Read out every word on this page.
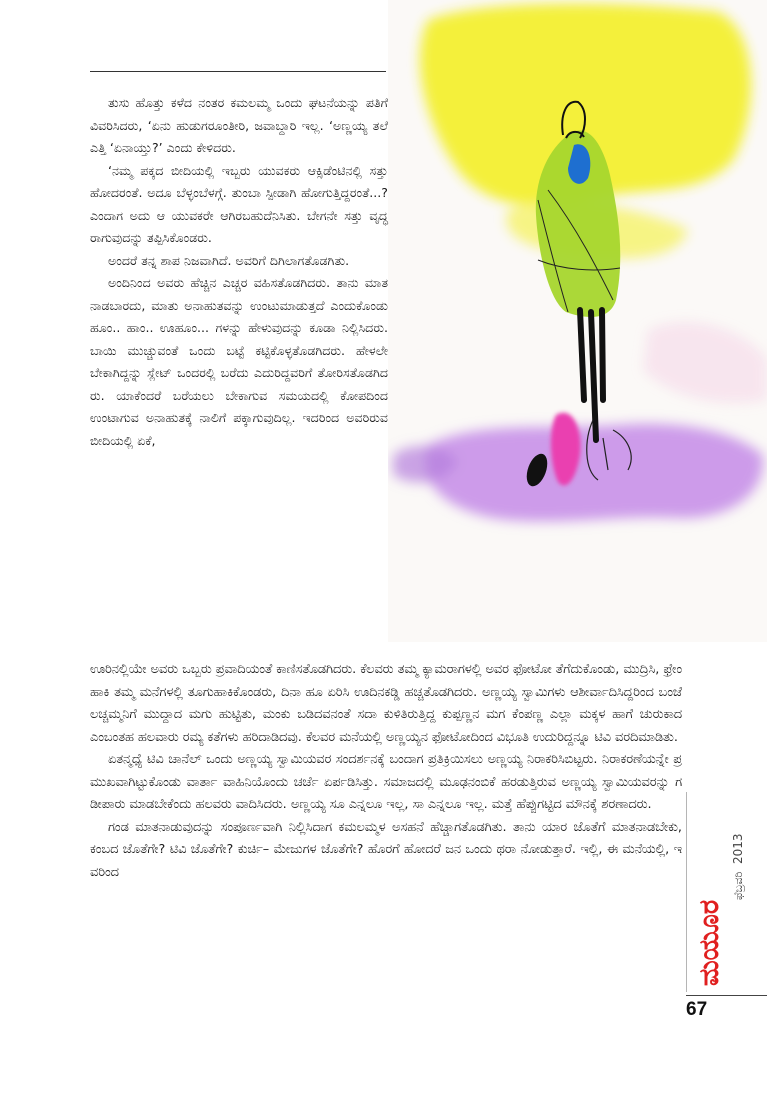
ತುಸು ಹೊತ್ತು ಕಳೆದ ನಂತರ ಕಮಲಮ್ಮ ಒಂದು ಘಟನೆಯನ್ನು ಪತಿಗೆ ವಿವರಿಸಿದರು, ‘ಏನು ಹುಡುಗರೂಂತೀರಿ, ಜವಾಬ್ದಾರಿ ಇಲ್ಲ. ‘ಅಣ್ಣಯ್ಯ ತಲೆ ಎತ್ತಿ ‘ಏನಾಯ್ತು?’ ಎಂದು ಕೇಳಿದರು.

‘ನಮ್ಮ ಪಕ್ಕದ ಬೀದಿಯಲ್ಲಿ ಇಬ್ಬರು ಯುವಕರು ಆಕ್ಸಿಡೆಂಟಿನಲ್ಲಿ ಸತ್ತು ಹೋದರಂತೆ. ಅದೂ ಬೆಳ್ಳಂಬೆಳಗ್ಗೆ. ತುಂಬಾ ಸ್ಪೀಡಾಗಿ ಹೋಗುತ್ತಿದ್ದರಂತೆ...? ಎಂದಾಗ ಅದು ಆ ಯುವಕರೇ ಆಗಿರಬಹುದೆನಿಸಿತು. ಬೇಗನೇ ಸತ್ತು ವೃದ್ಧರಾಗುವುದನ್ನು ತಪ್ಪಿಸಿಕೊಂಡರು.

ಅಂದರೆ ತನ್ನ ಶಾಪ ನಿಜವಾಗಿದೆ. ಅವರಿಗೆ ದಿಗಿಲಾಗತೊಡಗಿತು.

ಅಂದಿನಿಂದ ಅವರು ಹೆಚ್ಚಿನ ಎಚ್ಚರ ವಹಿಸತೊಡಗಿದರು. ತಾನು ಮಾತನಾಡಬಾರದು, ಮಾತು ಅನಾಹುತವನ್ನು ಉಂಟುಮಾಡುತ್ತದೆ ಎಂದುಕೊಂಡು ಹೂಂ.. ಹಾಂ.. ಊಹೂಂ... ಗಳನ್ನು ಹೇಳುವುದನ್ನು ಕೂಡಾ ನಿಲ್ಲಿಸಿದರು. ಬಾಯಿ ಮುಚ್ಚುವಂತೆ ಒಂದು ಬಟ್ಟೆ ಕಟ್ಟಿಕೊಳ್ಳತೊಡಗಿದರು. ಹೇಳಲೇ ಬೇಕಾಗಿದ್ದನ್ನು ಸ್ಲೇಟ್ ಒಂದರಲ್ಲಿ ಬರೆದು ಎದುರಿದ್ದವರಿಗೆ ತೋರಿಸತೊಡಗಿದರು. ಯಾಕೆಂದರೆ ಬರೆಯಲು ಬೇಕಾಗುವ ಸಮಯದಲ್ಲಿ ಕೋಪದಿಂದ ಉಂಟಾಗುವ ಅನಾಹುತಕ್ಕೆ ನಾಲಿಗೆ ಪಕ್ಕಾಗುವುದಿಲ್ಲ. ಇದರಿಂದ ಅವರಿರುವ ಬೀದಿಯಲ್ಲಿ ಏಕೆ,

ಊರಿನಲ್ಲಿಯೇ ಅವರು ಒಬ್ಬರು ಪ್ರವಾದಿಯಂತೆ ಕಾಣಿಸತೊಡಗಿದರು. ಕೆಲವರು ತಮ್ಮ ಕ್ಯಾಮರಾಗಳಲ್ಲಿ ಅವರ ಫೋಟೋ ತೆಗೆದುಕೊಂಡು, ಮುದ್ರಿಸಿ, ಫ್ರೇಂ ಹಾಕಿ ತಮ್ಮ ಮನೆಗಳಲ್ಲಿ ತೂಗುಹಾಕಿಕೊಂಡರು, ದಿನಾ ಹೂ ಏರಿಸಿ ಊದಿನಕಡ್ಡಿ ಹಚ್ಚತೊಡಗಿದರು. ಅಣ್ಣಯ್ಯ ಸ್ವಾಮಿಗಳು ಆಶೀರ್ವಾದಿಸಿದ್ದರಿಂದ ಬಂಜೆ ಲಚ್ಚಮ್ಮನಿಗೆ ಮುದ್ದಾದ ಮಗು ಹುಟ್ಟಿತು, ಮಂಕು ಬಡಿದವನಂತೆ ಸದಾ ಕುಳಿತಿರುತ್ತಿದ್ದ ಕುಪ್ಪಣ್ಣನ ಮಗ ಕೆಂಪಣ್ಣ ಎಲ್ಲಾ ಮಕ್ಕಳ ಹಾಗೆ ಚುರುಕಾದ ಎಂಬಂತಹ ಹಲವಾರು ರಮ್ಯ ಕತೆಗಳು ಹರಿದಾಡಿದವು. ಕೆಲವರ ಮನೆಯಲ್ಲಿ ಅಣ್ಣಯ್ಯನ ಫೋಟೋದಿಂದ ವಿಭೂತಿ ಉದುರಿದ್ದನ್ನೂ ಟಿವಿ ವರದಿಮಾಡಿತು.

ಏತನ್ಮಧ್ಯೆ ಟಿವಿ ಚಾನೆಲ್ ಒಂದು ಅಣ್ಣಯ್ಯ ಸ್ವಾಮಿಯವರ ಸಂದರ್ಶನಕ್ಕೆ ಬಂದಾಗ ಪ್ರತಿಕ್ರಿಯಿಸಲು ಅಣ್ಣಯ್ಯ ನಿರಾಕರಿಸಿಬಿಟ್ಟರು. ನಿರಾಕರಣೆಯನ್ನೇ ಪ್ರಮುಖವಾಗಿಟ್ಟುಕೊಂಡು ವಾರ್ತಾ ವಾಹಿನಿಯೊಂದು ಚರ್ಚೆ ಏರ್ಪಡಿಸಿತ್ತು. ಸಮಾಜದಲ್ಲಿ ಮೂಢನಂಬಿಕೆ ಹರಡುತ್ತಿರುವ ಅಣ್ಣಯ್ಯ ಸ್ವಾಮಿಯವರನ್ನು ಗಡೀಪಾರು ಮಾಡಬೇಕೆಂದು ಹಲವರು ವಾದಿಸಿದರು. ಅಣ್ಣಯ್ಯ ಸೂ ಎನ್ನಲೂ ಇಲ್ಲ, ಸಾ ಎನ್ನಲೂ ಇಲ್ಲ. ಮತ್ತೆ ಹೆಪ್ಪುಗಟ್ಟಿದ ಮೌನಕ್ಕೆ ಶರಣಾದರು.

ಗಂಡ ಮಾತನಾಡುವುದನ್ನು ಸಂಪೂರ್ಣವಾಗಿ ನಿಲ್ಲಿಸಿದಾಗ ಕಮಲಮ್ಮಳ ಅಸಹನೆ ಹೆಚ್ಚಾಗತೊಡಗಿತು. ತಾನು ಯಾರ ಜೊತೆಗೆ ಮಾತನಾಡಬೇಕು, ಕಂಬದ ಜೊತೆಗೇ? ಟಿವಿ ಜೊತೆಗೇ? ಕುರ್ಚಿ– ಮೇಜುಗಳ ಜೊತೆಗೇ? ಹೊರಗೆ ಹೋದರೆ ಜನ ಒಂದು ಥರಾ ನೋಡುತ್ತಾರೆ. ಇಲ್ಲಿ, ಈ ಮನೆಯಲ್ಲಿ, ಇವರಿಂದ

ಮಯೂರ
ಫೆಬ್ರವರಿ
2013
67
